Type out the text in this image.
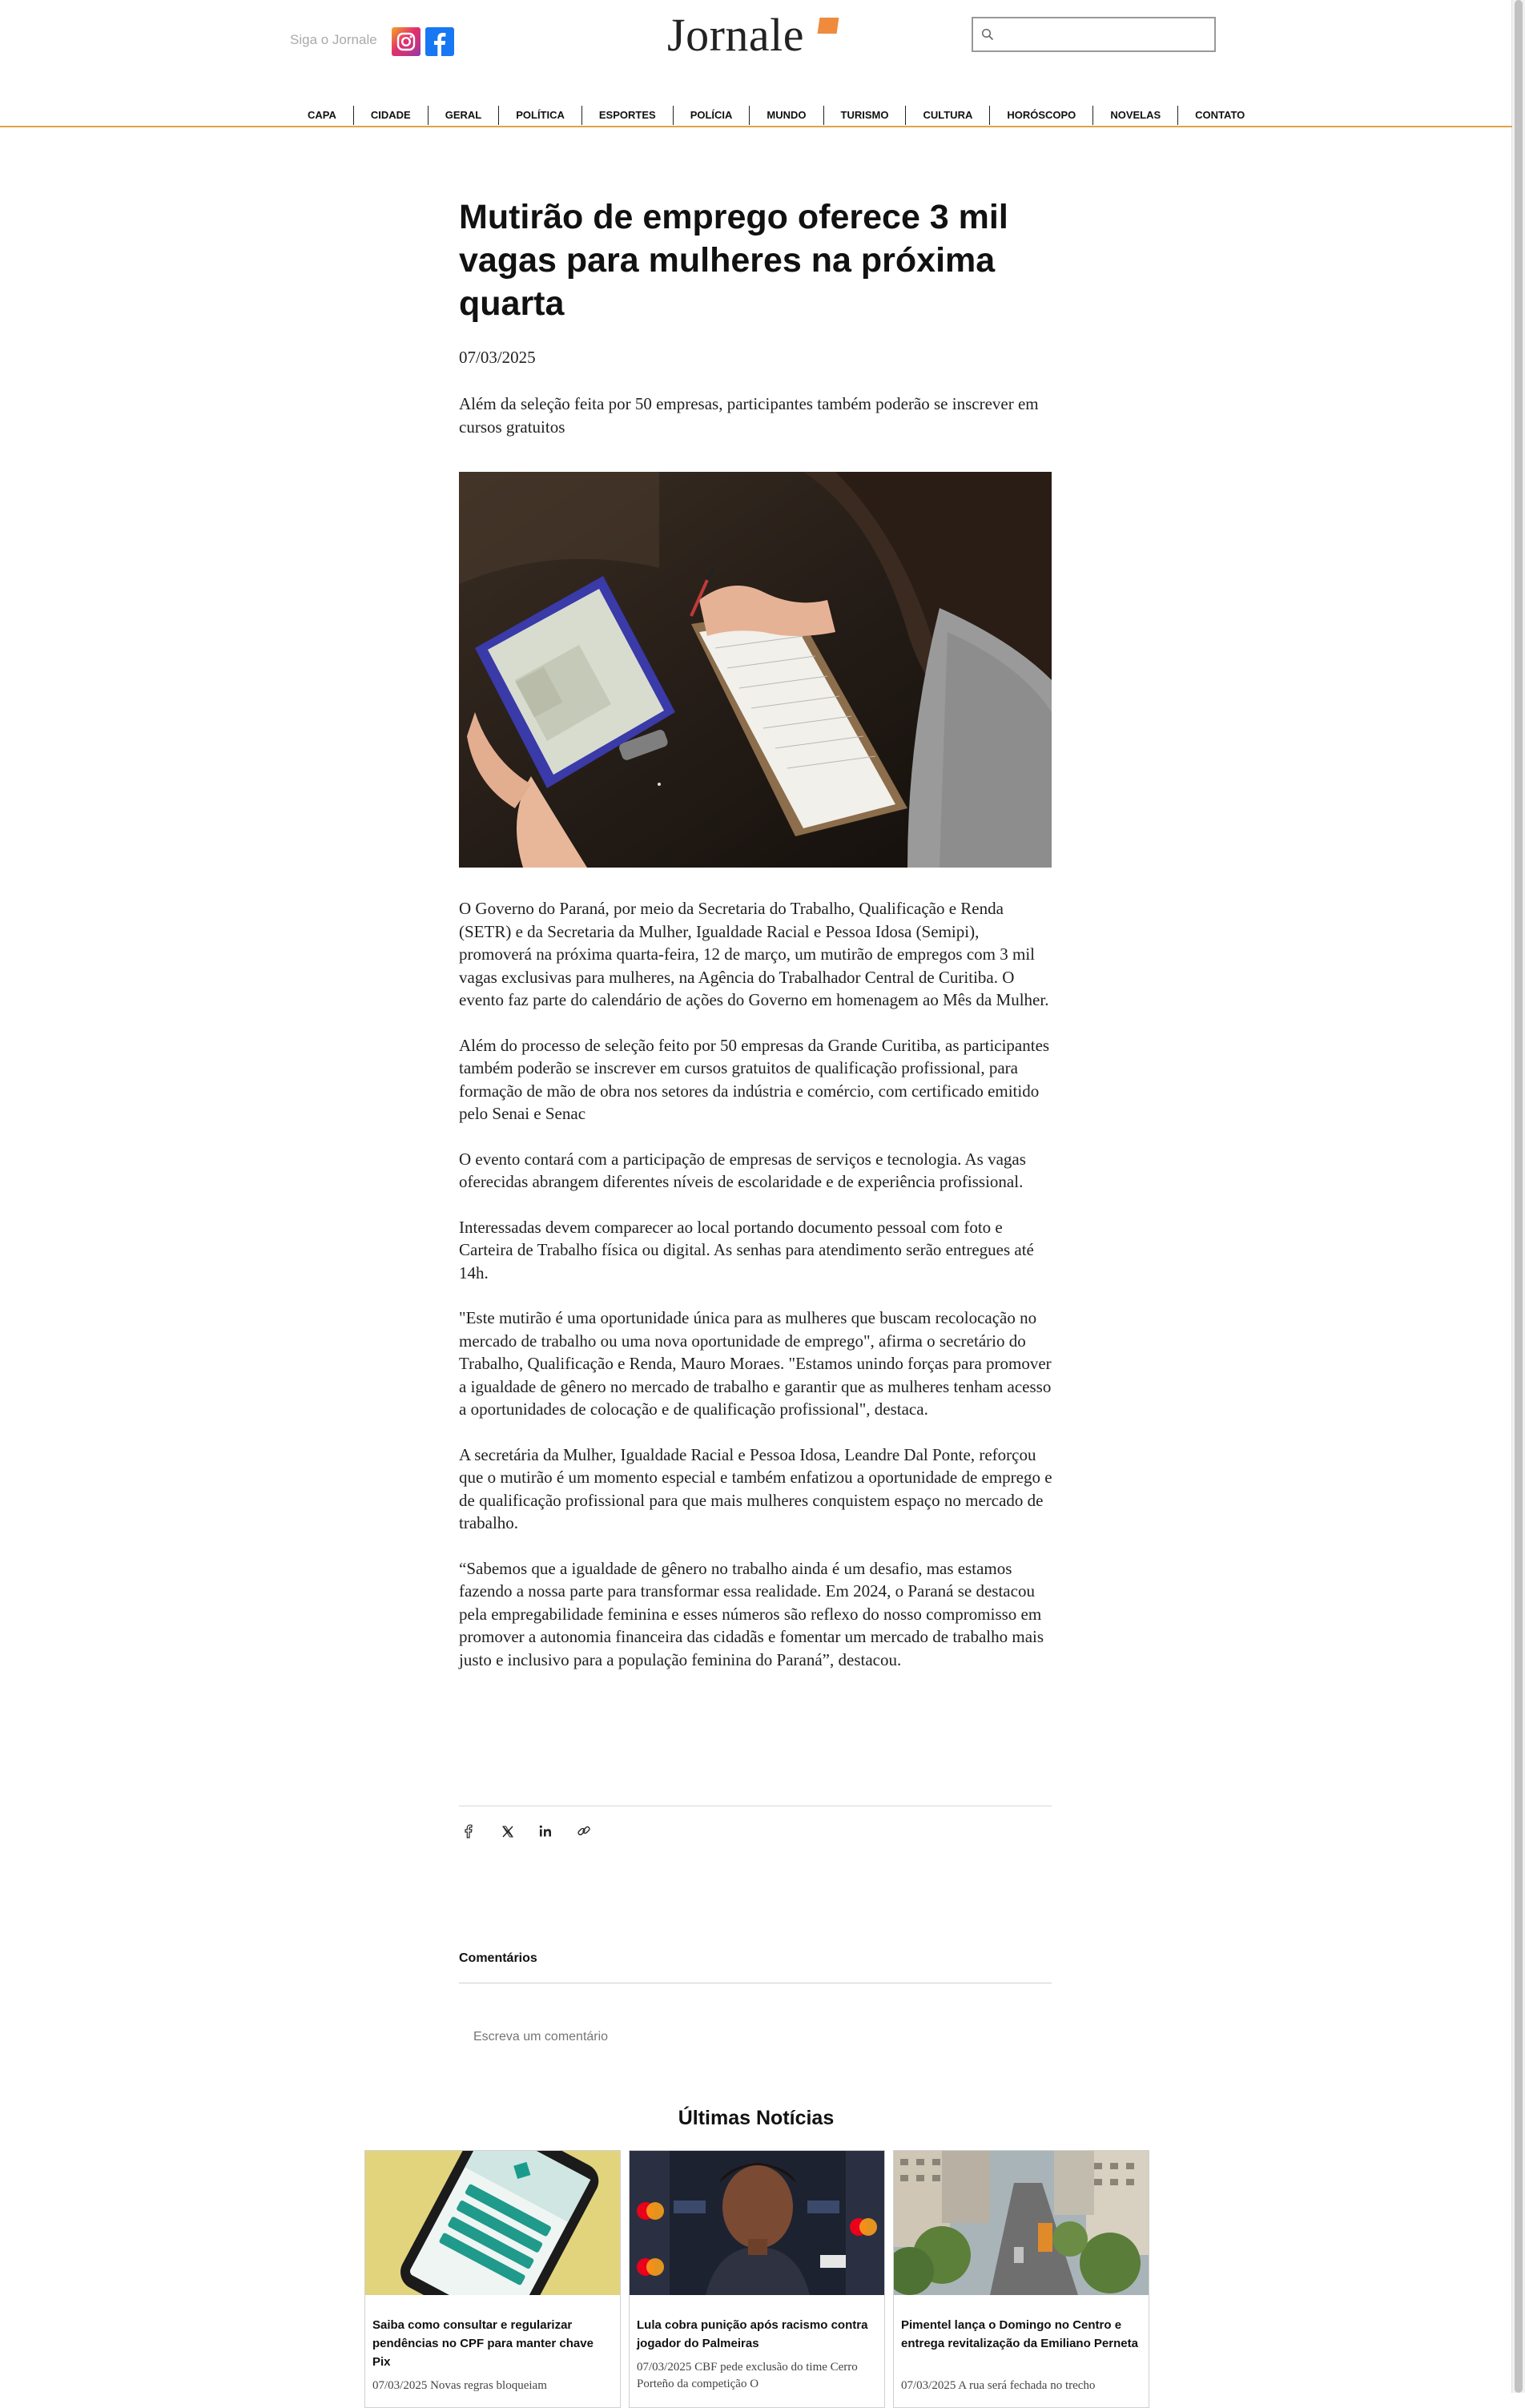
Siga o Jornale	Jornale
CAPA	CIDADE	GERAL	POLÍTICA	ESPORTES	POLÍCIA	MUNDO	TURISMO	CULTURA	HORÓSCOPO	NOVELAS	CONTATO
Mutirão de emprego oferece 3 mil vagas para mulheres na próxima quarta
07/03/2025

Além da seleção feita por 50 empresas, participantes também poderão se inscrever em cursos gratuitos

O Governo do Paraná, por meio da Secretaria do Trabalho, Qualificação e Renda (SETR) e da Secretaria da Mulher, Igualdade Racial e Pessoa Idosa (Semipi), promoverá na próxima quarta-feira, 12 de março, um mutirão de empregos com 3 mil vagas exclusivas para mulheres, na Agência do Trabalhador Central de Curitiba. O evento faz parte do calendário de ações do Governo em homenagem ao Mês da Mulher.

Além do processo de seleção feito por 50 empresas da Grande Curitiba, as participantes também poderão se inscrever em cursos gratuitos de qualificação profissional, para formação de mão de obra nos setores da indústria e comércio, com certificado emitido pelo Senai e Senac

O evento contará com a participação de empresas de serviços e tecnologia. As vagas oferecidas abrangem diferentes níveis de escolaridade e de experiência profissional.

Interessadas devem comparecer ao local portando documento pessoal com foto e Carteira de Trabalho física ou digital. As senhas para atendimento serão entregues até 14h.

"Este mutirão é uma oportunidade única para as mulheres que buscam recolocação no mercado de trabalho ou uma nova oportunidade de emprego", afirma o secretário do Trabalho, Qualificação e Renda, Mauro Moraes. "Estamos unindo forças para promover a igualdade de gênero no mercado de trabalho e garantir que as mulheres tenham acesso a oportunidades de colocação e de qualificação profissional", destaca.

A secretária da Mulher, Igualdade Racial e Pessoa Idosa, Leandre Dal Ponte, reforçou que o mutirão é um momento especial e também enfatizou a oportunidade de emprego e de qualificação profissional para que mais mulheres conquistem espaço no mercado de trabalho.

“Sabemos que a igualdade de gênero no trabalho ainda é um desafio, mas estamos fazendo a nossa parte para transformar essa realidade. Em 2024, o Paraná se destacou pela empregabilidade feminina e esses números são reflexo do nosso compromisso em promover a autonomia financeira das cidadãs e fomentar um mercado de trabalho mais justo e inclusivo para a população feminina do Paraná”, destacou.

Comentários
Escreva um comentário
Últimas Notícias
Saiba como consultar e regularizar pendências no CPF para manter chave Pix
07/03/2025 Novas regras bloqueiam
Lula cobra punição após racismo contra jogador do Palmeiras
07/03/2025 CBF pede exclusão do time Cerro Porteño da competição O
Pimentel lança o Domingo no Centro e entrega revitalização da Emiliano Perneta
07/03/2025 A rua será fechada no trecho
